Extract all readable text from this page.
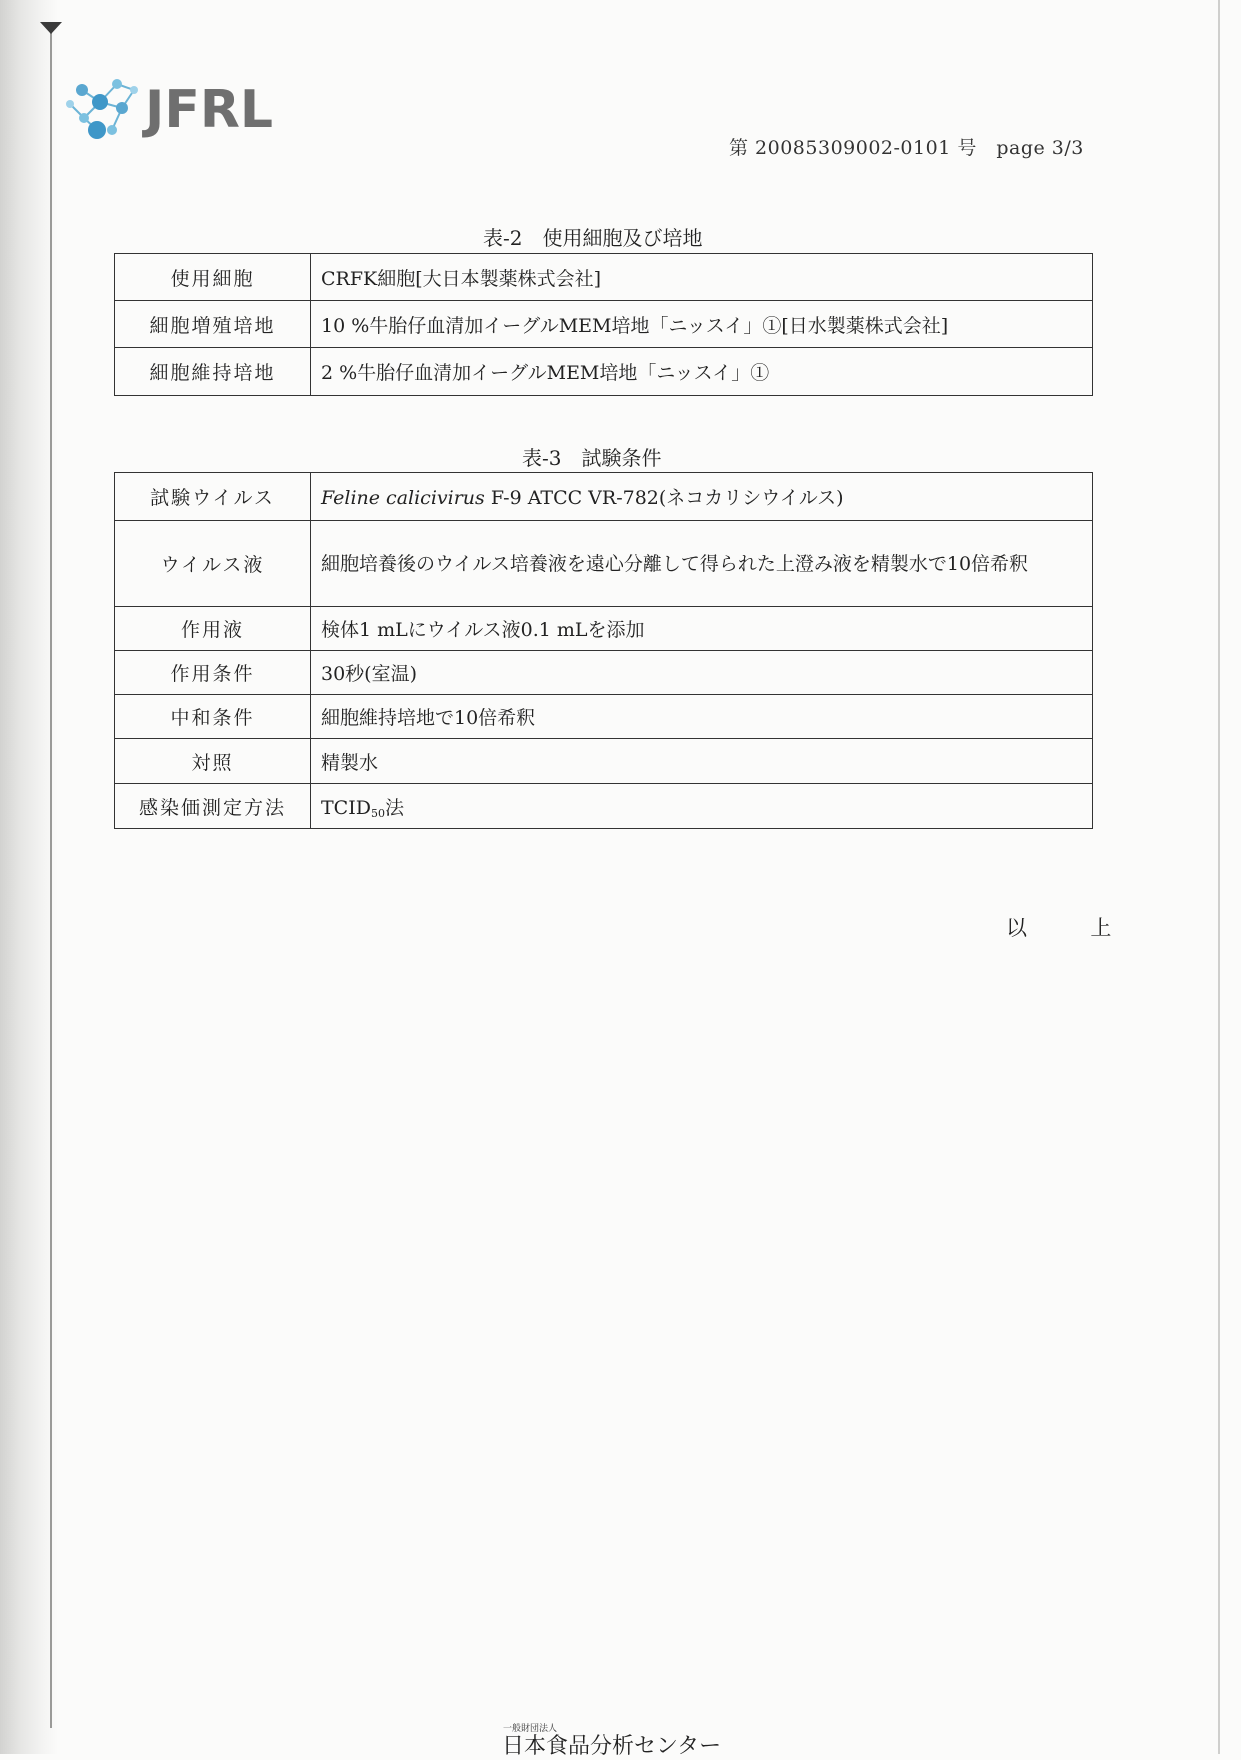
JFRL
第 20085309002-0101 号　page 3/3
表-2　使用細胞及び培地
使用細胞	CRFK細胞[大日本製薬株式会社]
細胞増殖培地	10 %牛胎仔血清加イーグルMEM培地「ニッスイ」①[日水製薬株式会社]
細胞維持培地	2 %牛胎仔血清加イーグルMEM培地「ニッスイ」①
表-3　試験条件
試験ウイルス	Feline calicivirus F-9 ATCC VR-782(ネコカリシウイルス)
ウイルス液	細胞培養後のウイルス培養液を遠心分離して得られた上澄み液を精製水で10倍希釈
作用液	検体1 mLにウイルス液0.1 mLを添加
作用条件	30秒(室温)
中和条件	細胞維持培地で10倍希釈
対照	精製水
感染価測定方法	$TCID_{50}$法
以	上
一般財団法人
日本食品分析センター
